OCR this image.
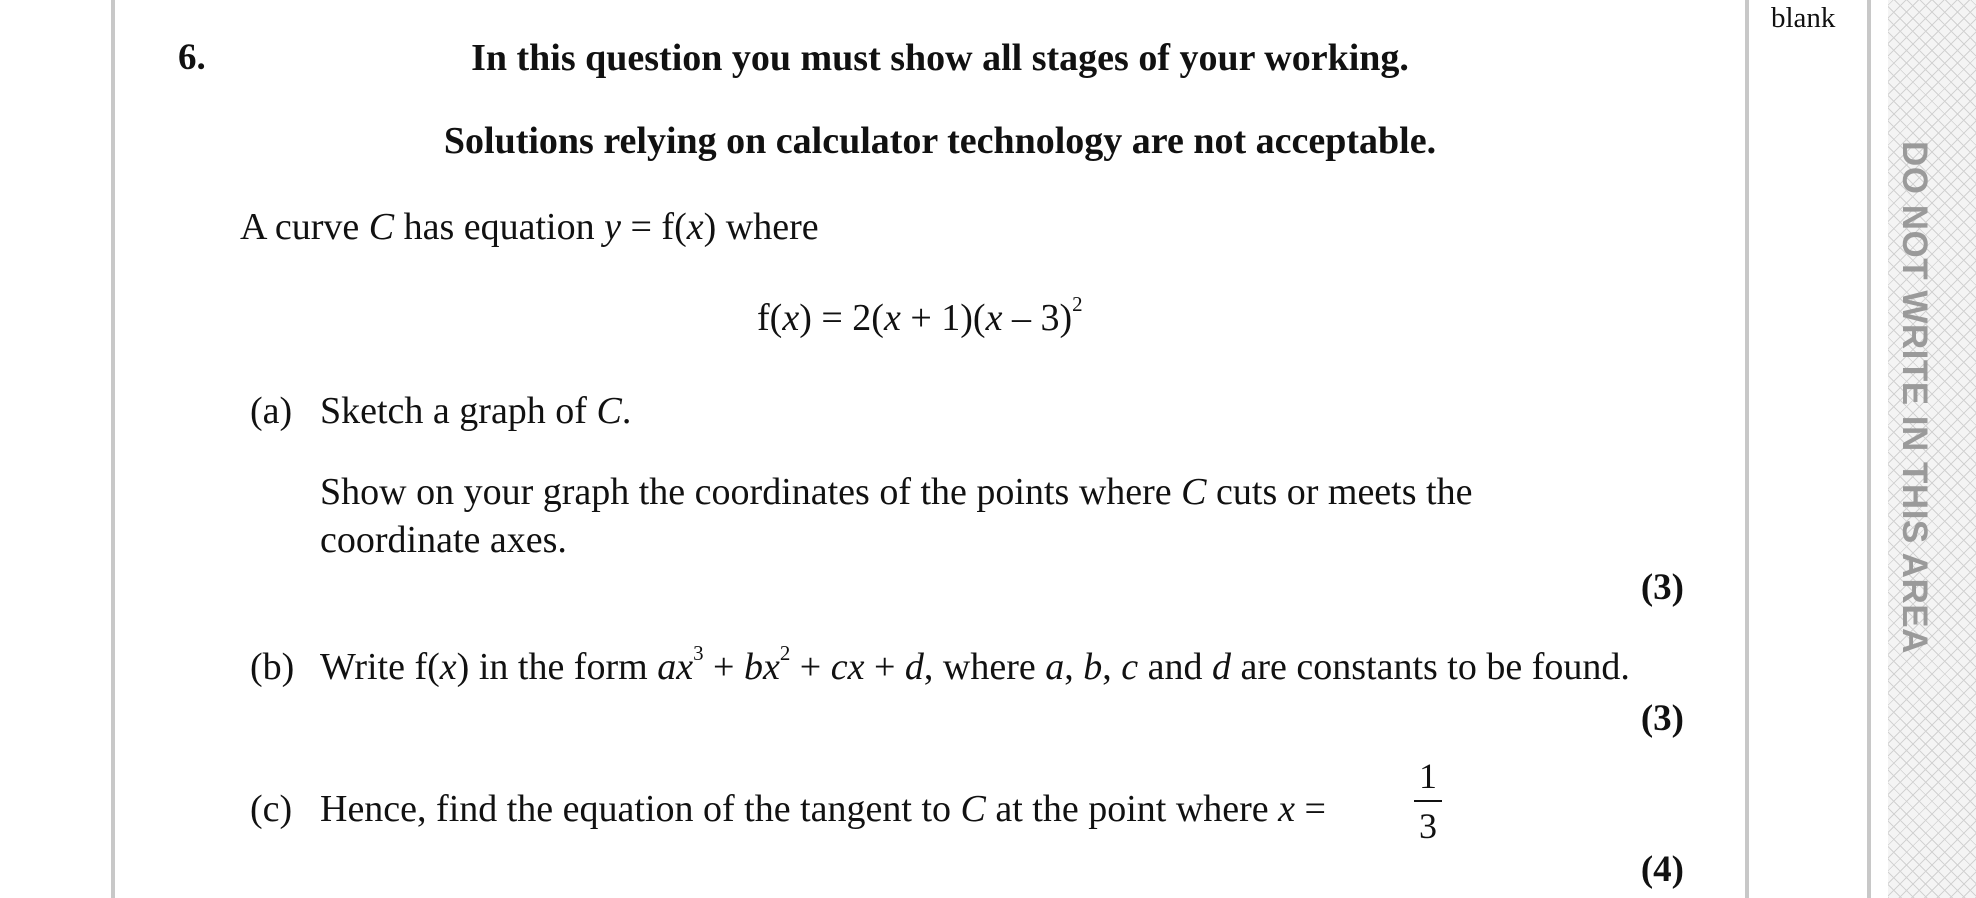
6.	In this question you must show all stages of your working.
Solutions relying on calculator technology are not acceptable.
A curve C has equation y = f(x) where
f(x) = 2(x + 1)(x – 3)$^2$
(a) Sketch a graph of C.
Show on your graph the coordinates of the points where C cuts or meets the
coordinate axes.
(3)
(b) Write f(x) in the form $ax^3 + bx^2$ + cx + d, where a, b, c and d are constants to be found.
(3)
(c) Hence, find the equation of the tangent to C at the point where x =
1
3
(4)
blank
DO NOT WRITE IN THIS AREA
